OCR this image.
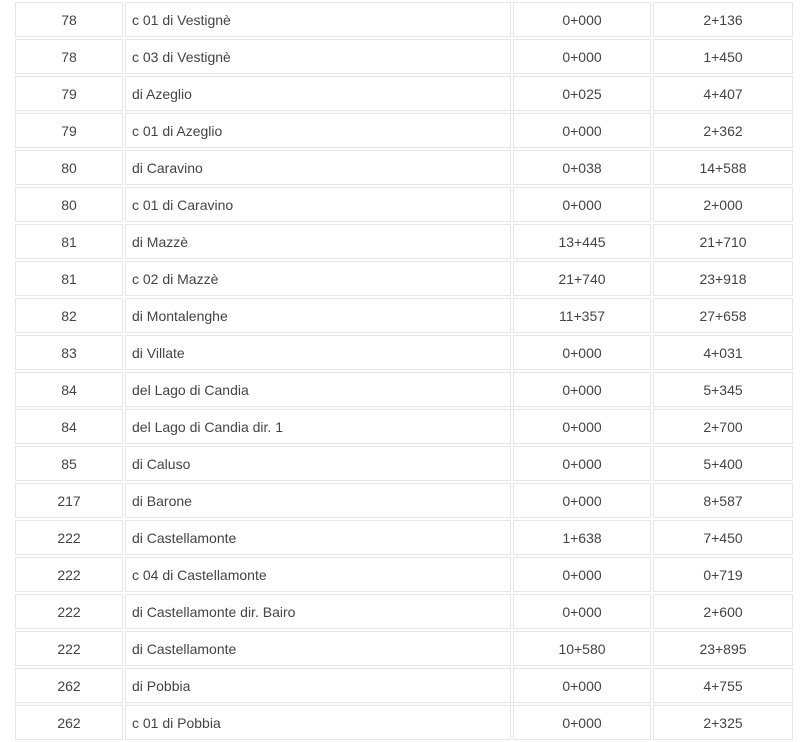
78	c 01 di Vestignè	0+000	2+136
78	c 03 di Vestignè	0+000	1+450
79	di Azeglio	0+025	4+407
79	c 01 di Azeglio	0+000	2+362
80	di Caravino	0+038	14+588
80	c 01 di Caravino	0+000	2+000
81	di Mazzè	13+445	21+710
81	c 02 di Mazzè	21+740	23+918
82	di Montalenghe	11+357	27+658
83	di Villate	0+000	4+031
84	del Lago di Candia	0+000	5+345
84	del Lago di Candia dir. 1	0+000	2+700
85	di Caluso	0+000	5+400
217	di Barone	0+000	8+587
222	di Castellamonte	1+638	7+450
222	c 04 di Castellamonte	0+000	0+719
222	di Castellamonte dir. Bairo	0+000	2+600
222	di Castellamonte	10+580	23+895
262	di Pobbia	0+000	4+755
262	c 01 di Pobbia	0+000	2+325
